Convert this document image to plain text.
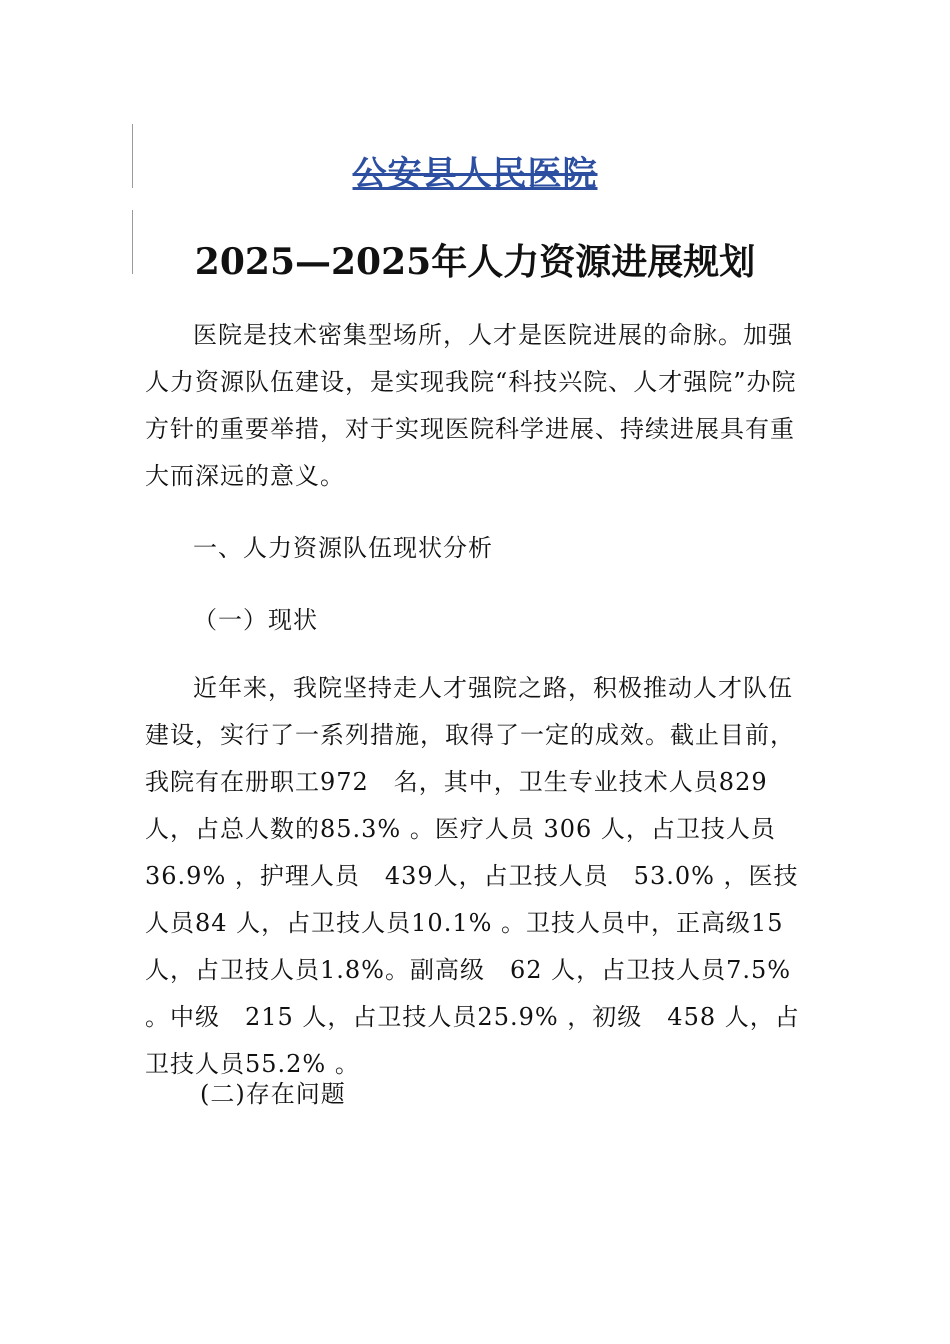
公安县人民医院
2025—2025年人力资源进展规划

医院是技术密集型场所，人才是医院进展的命脉。加强人力资源队伍建设，是实现我院“科技兴院、人才强院”办院方针的重要举措，对于实现医院科学进展、持续进展具有重大而深远的意义。

一、人力资源队伍现状分析
（一）现状

近年来，我院坚持走人才强院之路，积极推动人才队伍建设，实行了一系列措施，取得了一定的成效。截止目前，我院有在册职工972　名，其中，卫生专业技术人员829 人，占总人数的85.3% 。医疗人员 306 人，占卫技人员　36.9% ，护理人员　439人，占卫技人员　53.0% ，医技人员84 人，占卫技人员10.1% 。卫技人员中，正高级15 人，占卫技人员1.8%。副高级　62 人，占卫技人员7.5% 。中级　215 人，占卫技人员25.9% ，初级　458 人，占卫技人员55.2% 。

(二)存在问题
